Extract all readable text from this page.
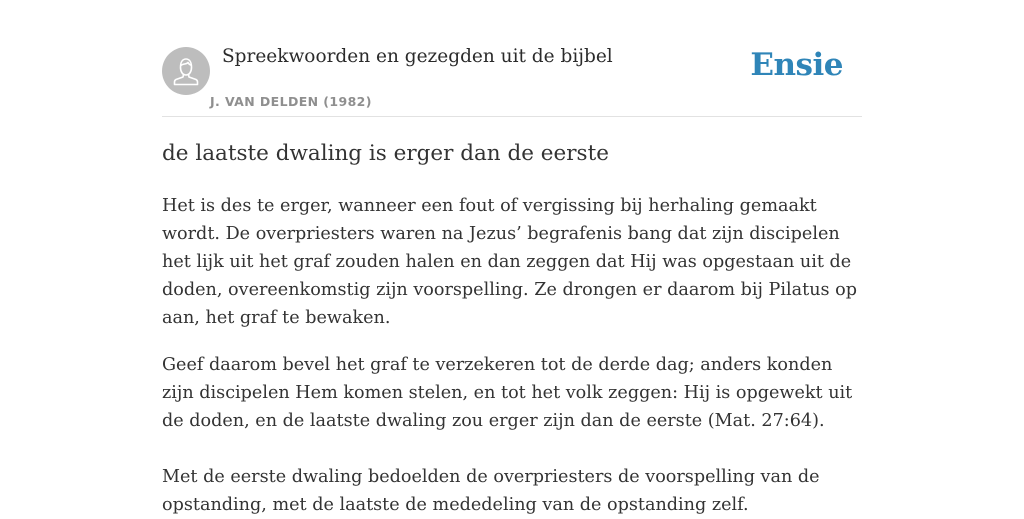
Spreekwoorden en gezegden uit de bijbel
J. VAN DELDEN (1982)
Ensie
de laatste dwaling is erger dan de eerste

Het is des te erger, wanneer een fout of vergissing bij herhaling gemaakt wordt. De overpriesters waren na Jezus’ begrafenis bang dat zijn discipelen het lijk uit het graf zouden halen en dan zeggen dat Hij was opgestaan uit de doden, overeenkomstig zijn voorspelling. Ze drongen er daarom bij Pilatus op aan, het graf te bewaken.

Geef daarom bevel het graf te verzekeren tot de derde dag; anders konden zijn discipelen Hem komen stelen, en tot het volk zeggen: Hij is opgewekt uit de doden, en de laatste dwaling zou erger zijn dan de eerste (Mat. 27:64).

Met de eerste dwaling bedoelden de overpriesters de voorspelling van de opstanding, met de laatste de mededeling van de opstanding zelf.
